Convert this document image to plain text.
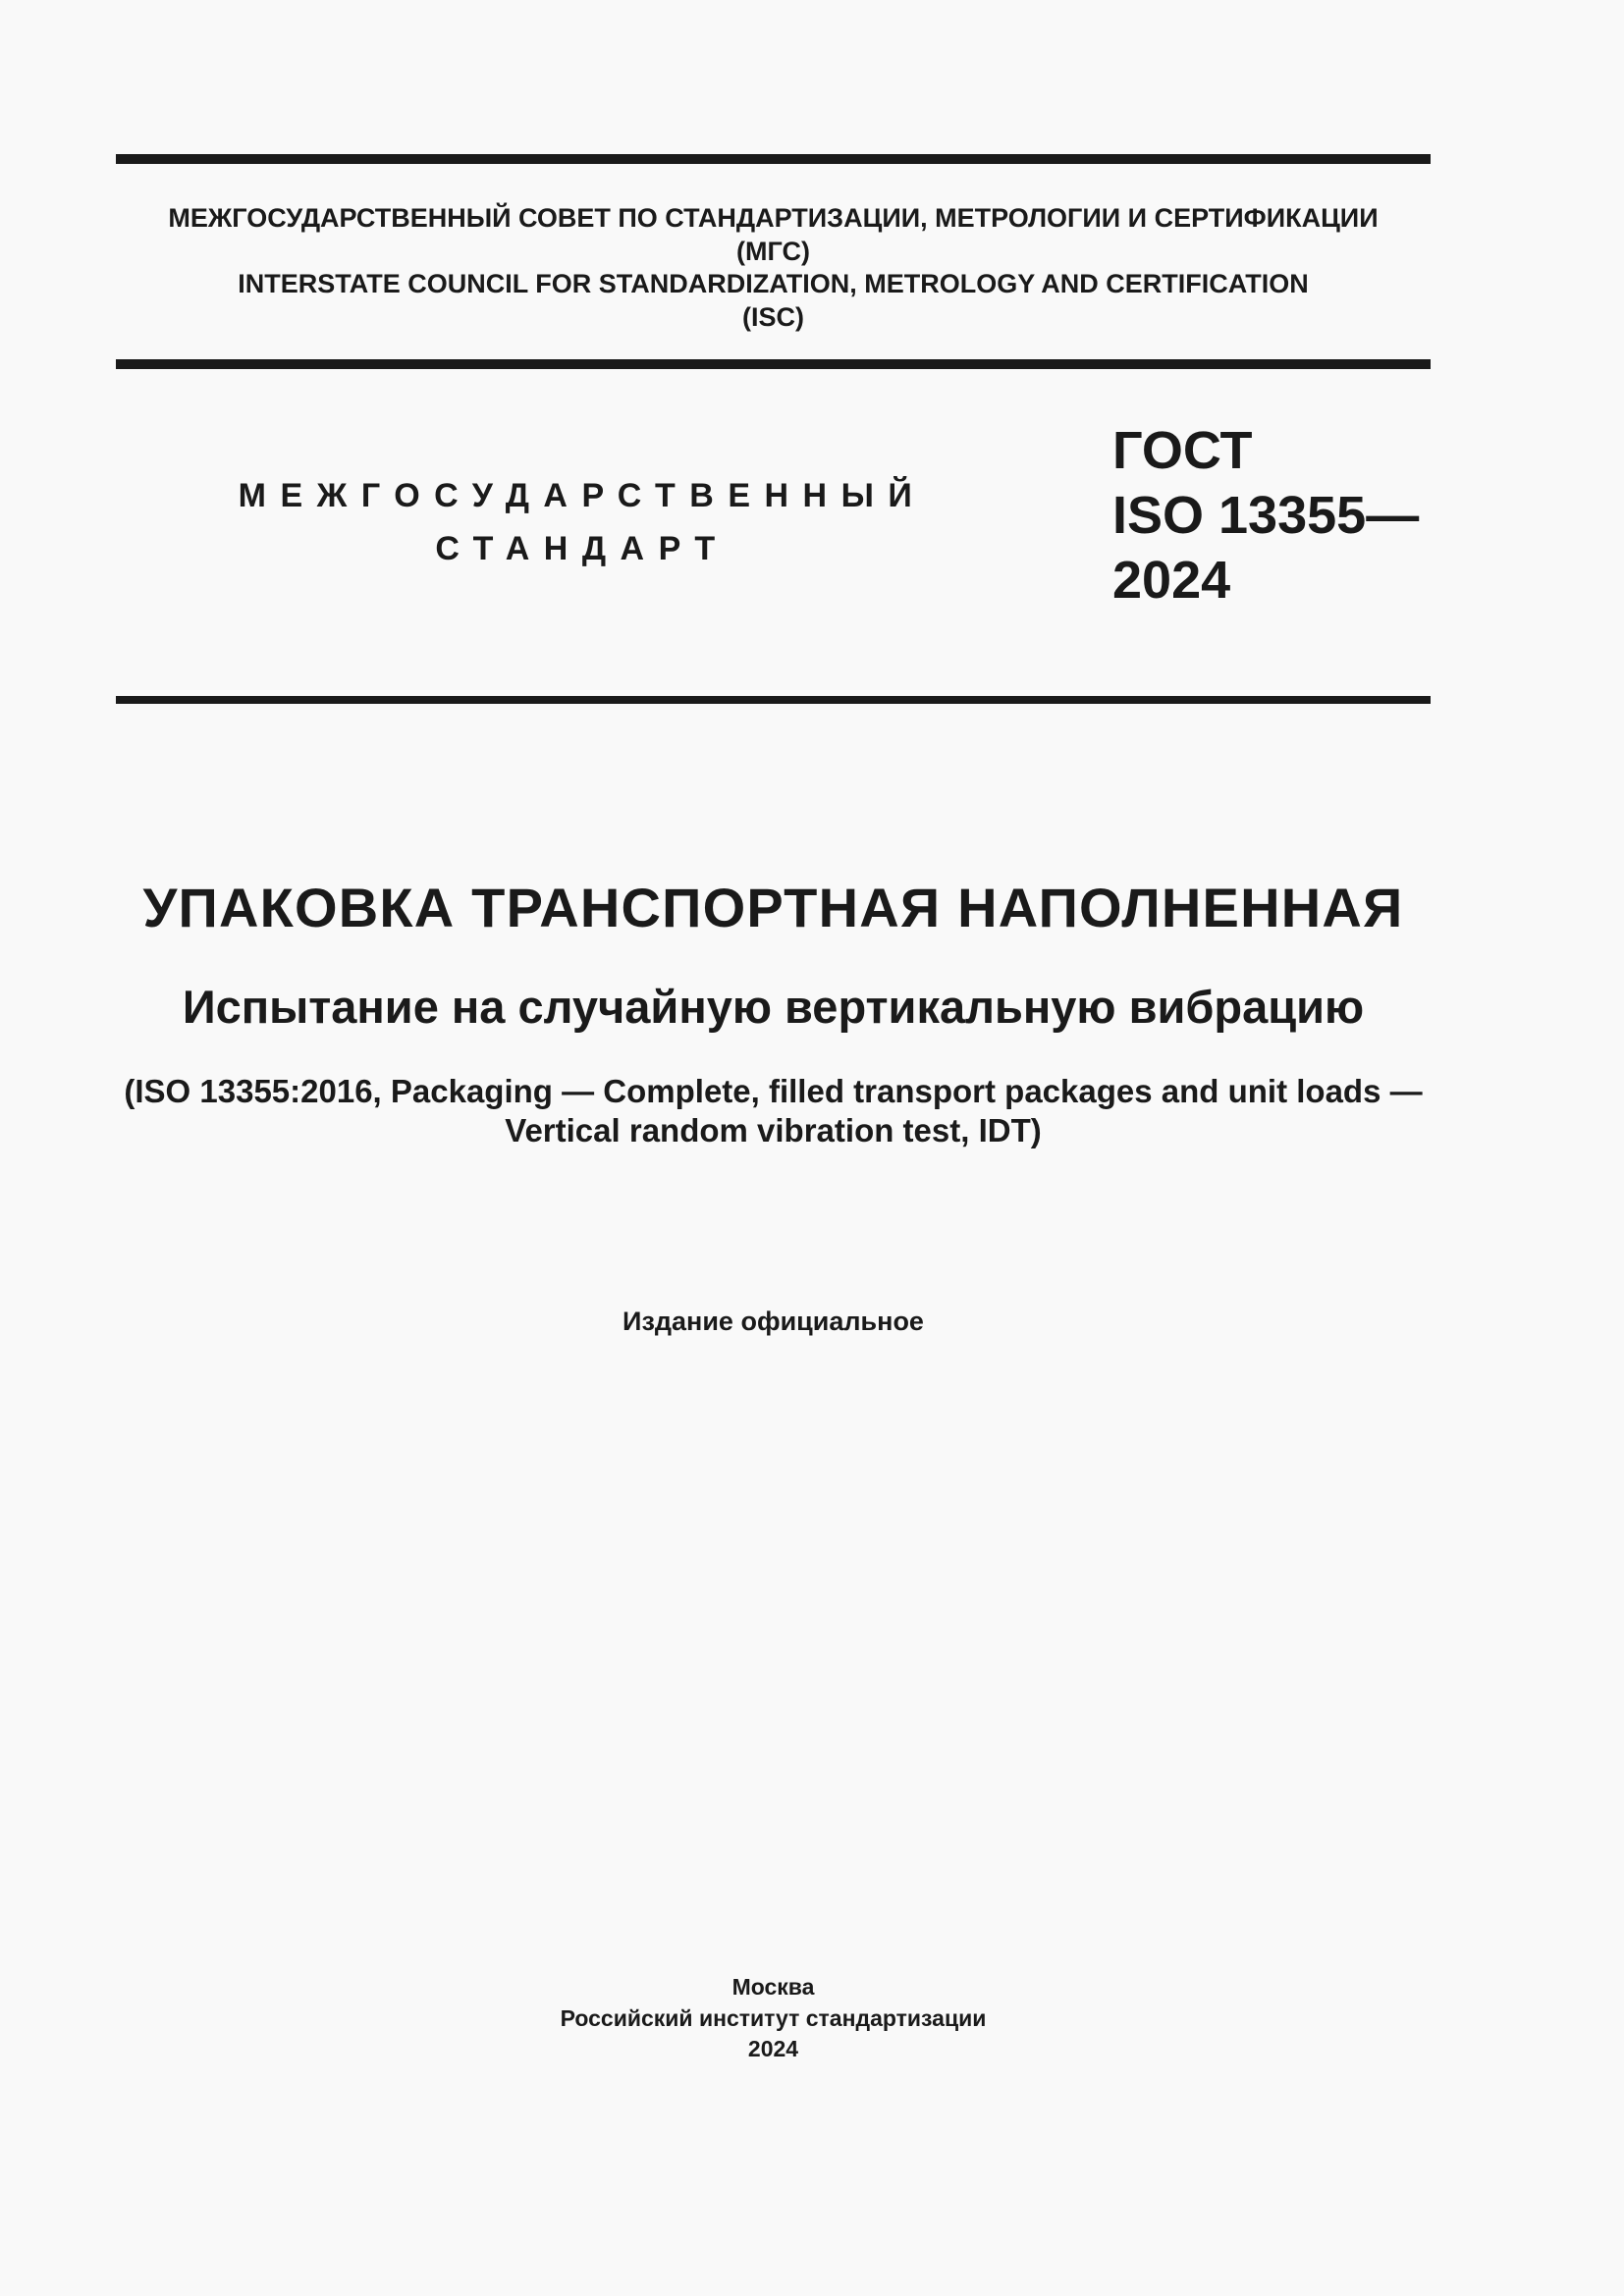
МЕЖГОСУДАРСТВЕННЫЙ СОВЕТ ПО СТАНДАРТИЗАЦИИ, МЕТРОЛОГИИ И СЕРТИФИКАЦИИ
(МГС)
INTERSTATE COUNCIL FOR STANDARDIZATION, METROLOGY AND CERTIFICATION
(ISC)
МЕЖГОСУДАРСТВЕННЫЙ
СТАНДАРТ
ГОСТ
ISO 13355—
2024
УПАКОВКА ТРАНСПОРТНАЯ НАПОЛНЕННАЯ
Испытание на случайную вертикальную вибрацию
(ISO 13355:2016, Packaging — Complete, filled transport packages and unit loads —
Vertical random vibration test, IDT)
Издание официальное
Москва
Российский институт стандартизации
2024
